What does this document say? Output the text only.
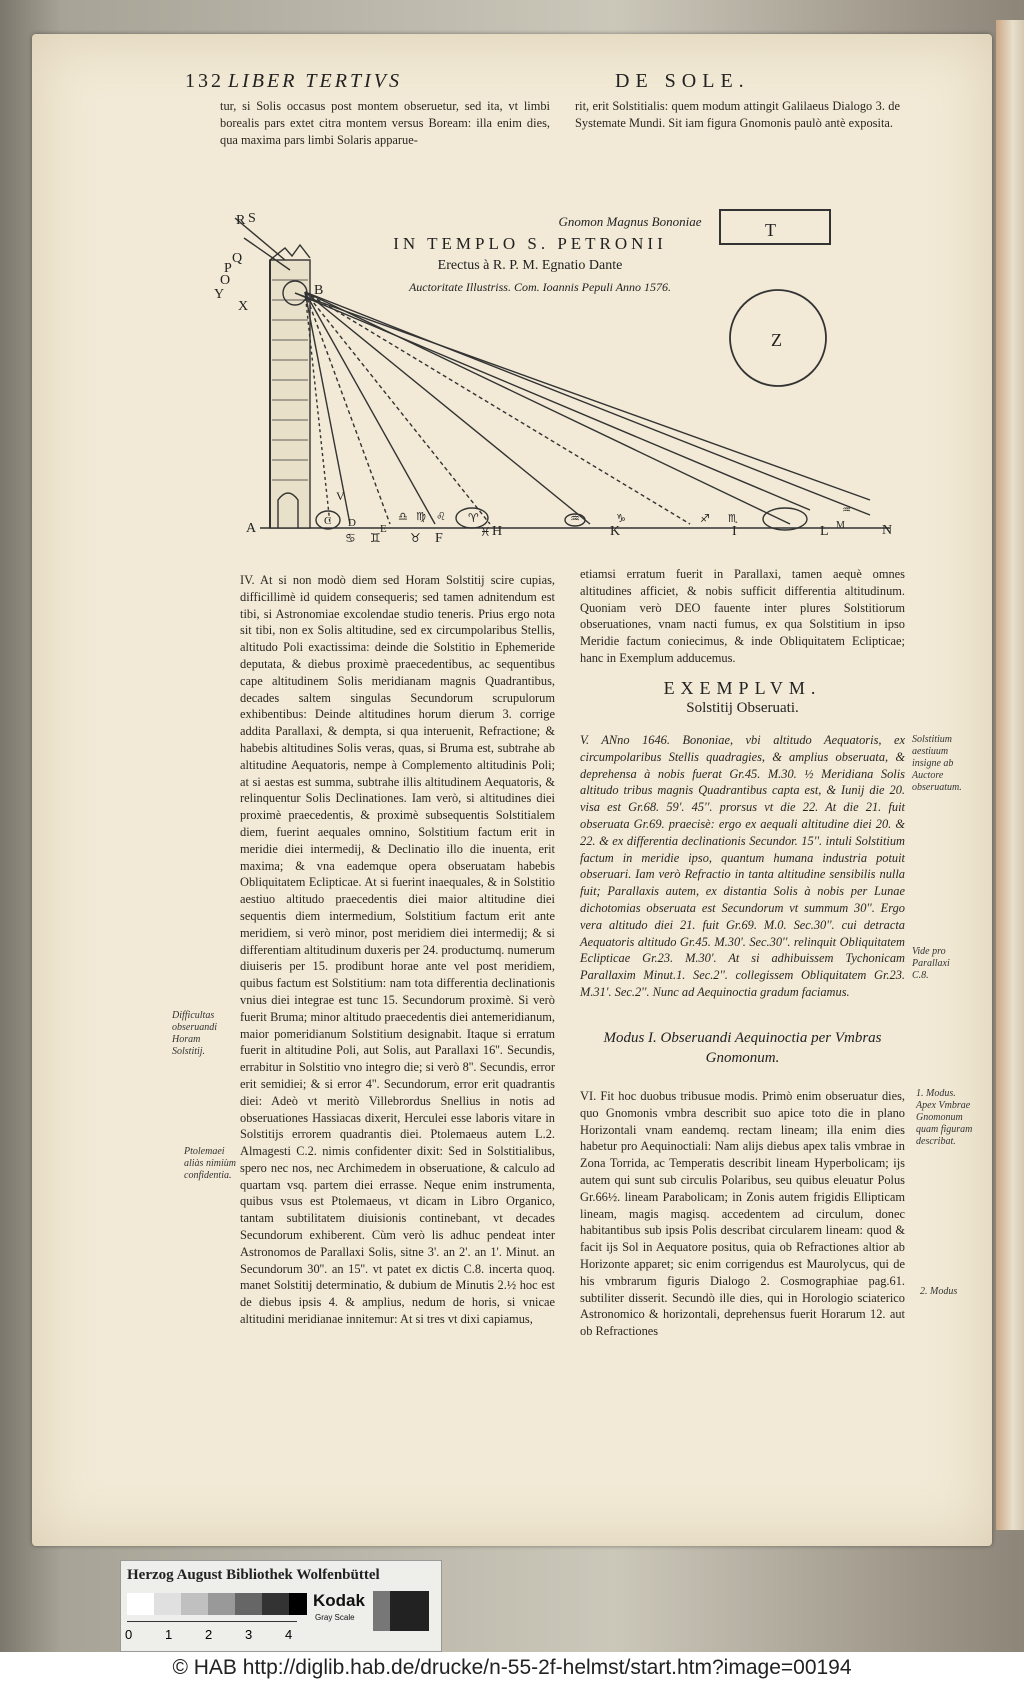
132 LIBER TERTIVS	DE SOLE.

tur, si Solis occasus post montem obseruetur, sed ita, vt limbi borealis pars extet citra montem versus Boream: illa enim dies, qua maxima pars limbi Solaris apparue-

rit, erit Solstitialis: quem modum attingit Galilaeus Dialogo 3. de Systemate Mundi. Sit iam figura Gnomonis paulò antè exposita.

R S
Q
P
O
Y
X
B
A	C D E
F	H	K	I	L M	N
V
T
Z
♋ ♊ ♉
♈
♓
♒	♑	♐ ♏
♎ ♍ ♌	♒
Gnomon Magnus Bononiae
IN TEMPLO S. PETRONII
Erectus à R. P. M. Egnatio Dante
Auctoritate Illustriss. Com. Ioannis Pepuli Anno 1576.

IV. At si non modò diem sed Horam Solstitij scire cupias, difficillimè id quidem consequeris; sed tamen adnitendum est tibi, si Astronomiae excolendae studio teneris. Prius ergo nota sit tibi, non ex Solis altitudine, sed ex circumpolaribus Stellis, altitudo Poli exactissima: deinde die Solstitio in Ephemeride deputata, & diebus proximè praecedentibus, ac sequentibus cape altitudinem Solis meridianam magnis Quadrantibus, decades saltem singulas Secundorum scrupulorum exhibentibus: Deinde altitudines horum dierum 3. corrige addita Parallaxi, & dempta, si qua interuenit, Refractione; & habebis altitudines Solis veras, quas, si Bruma est, subtrahe ab altitudine Aequatoris, nempe à Complemento altitudinis Poli; at si aestas est summa, subtrahe illis altitudinem Aequatoris, & relinquentur Solis Declinationes. Iam verò, si altitudines diei proximè praecedentis, & proximè subsequentis Solstitialem diem, fuerint aequales omnino, Solstitium factum erit in meridie diei intermedij, & Declinatio illo die inuenta, erit maxima; & vna eademque opera obseruatam habebis Obliquitatem Eclipticae. At si fuerint inaequales, & in Solstitio aestiuo altitudo praecedentis diei maior altitudine diei sequentis diem intermedium, Solstitium factum erit ante meridiem, si verò minor, post meridiem diei intermedij; & si differentiam altitudinum duxeris per 24. productumq. numerum diuiseris per 15. prodibunt horae ante vel post meridiem, quibus factum est Solstitium: nam tota differentia declinationis vnius diei integrae est tunc 15. Secundorum proximè. Si verò fuerit Bruma; minor altitudo praecedentis diei antemeridianum, maior pomeridianum Solstitium designabit. Itaque si erratum fuerit in altitudine Poli, aut Solis, aut Parallaxi 16''. Secundis, errabitur in Solstitio vno integro die; si verò 8''. Secundis, error erit semidiei; & si error 4''. Secundorum, error erit quadrantis diei: Adeò vt meritò Villebrordus Snellius in notis ad obseruationes Hassiacas dixerit, Herculei esse laboris vitare in Solstitijs errorem quadrantis diei. Ptolemaeus autem L.2. Almagesti C.2. nimis confidenter dixit: Sed in Solstitialibus, spero nec nos, nec Archimedem in obseruatione, & calculo ad quartam vsq. partem diei errasse. Neque enim instrumenta, quibus vsus est Ptolemaeus, vt dicam in Libro Organico, tantam subtilitatem diuisionis continebant, vt decades Secundorum exhiberent. Cùm verò lis adhuc pendeat inter Astronomos de Parallaxi Solis, sitne 3'. an 2'. an 1'. Minut. an Secundorum 30''. an 15''. vt patet ex dictis C.8. incerta quoq. manet Solstitij determinatio, & dubium de Minutis 2.½ hoc est de diebus ipsis 4. & amplius, nedum de horis, si vnicae altitudini meridianae innitemur: At si tres vt dixi capiamus,

etiamsi erratum fuerit in Parallaxi, tamen aequè omnes altitudines afficiet, & nobis sufficit differentia altitudinum. Quoniam verò DEO fauente inter plures Solstitiorum obseruationes, vnam nacti fumus, ex qua Solstitium in ipso Meridie factum coniecimus, & inde Obliquitatem Eclipticae; hanc in Exemplum adducemus.

EXEMPLVM.
Solstitij Obseruati.

V. ANno 1646. Bononiae, vbi altitudo Aequatoris, ex circumpolaribus Stellis quadragies, & amplius obseruata, & deprehensa à nobis fuerat Gr.45. M.30. ½ Meridiana Solis altitudo tribus magnis Quadrantibus capta est, & Iunij die 20. visa est Gr.68. 59'. 45''. prorsus vt die 22. At die 21. fuit obseruata Gr.69. praecisè: ergo ex aequali altitudine diei 20. & 22. & ex differentia declinationis Secundor. 15''. intuli Solstitium factum in meridie ipso, quantum humana industria potuit obseruari. Iam verò Refractio in tanta altitudine sensibilis nulla fuit; Parallaxis autem, ex distantia Solis à nobis per Lunae dichotomias obseruata est Secundorum vt summum 30''. Ergo vera altitudo diei 21. fuit Gr.69. M.0. Sec.30''. cui detracta Aequatoris altitudo Gr.45. M.30'. Sec.30''. relinquit Obliquitatem Eclipticae Gr.23. M.30'. At si adhibuissem Tychonicam Parallaxim Minut.1. Sec.2''. collegissem Obliquitatem Gr.23. M.31'. Sec.2''. Nunc ad Aequinoctia gradum faciamus.

Modus I. Obseruandi Aequinoctia per Vmbras Gnomonum.

VI. Fit hoc duobus tribusue modis. Primò enim obseruatur dies, quo Gnomonis vmbra describit suo apice toto die in plano Horizontali vnam eandemq. rectam lineam; illa enim dies habetur pro Aequinoctiali: Nam alijs diebus apex talis vmbrae in Zona Torrida, ac Temperatis describit lineam Hyperbolicam; ijs autem qui sunt sub circulis Polaribus, seu quibus eleuatur Polus Gr.66½. lineam Parabolicam; in Zonis autem frigidis Ellipticam lineam, magis magisq. accedentem ad circulum, donec habitantibus sub ipsis Polis describat circularem lineam: quod & facit ijs Sol in Aequatore positus, quia ob Refractiones altior ab Horizonte apparet; sic enim corrigendus est Maurolycus, qui de his vmbrarum figuris Dialogo 2. Cosmographiae pag.61. subtiliter disserit. Secundò ille dies, qui in Horologio sciaterico Astronomico & horizontali, deprehensus fuerit Horarum 12. aut ob Refractiones

Difficultas obseruandi Horam Solstitij.
Ptolemaei aliàs nimiùm confidentia.
Solstitium aestiuum insigne ab Auctore obseruatum.
Vide pro Parallaxi C.8.
1. Modus. Apex Vmbrae Gnomonum quam figuram describat.
2. Modus
Herzog August Bibliothek Wolfenbüttel
Kodak
Gray Scale
0	1	2	3	4
© HAB http://diglib.hab.de/drucke/n-55-2f-helmst/start.htm?image=00194
